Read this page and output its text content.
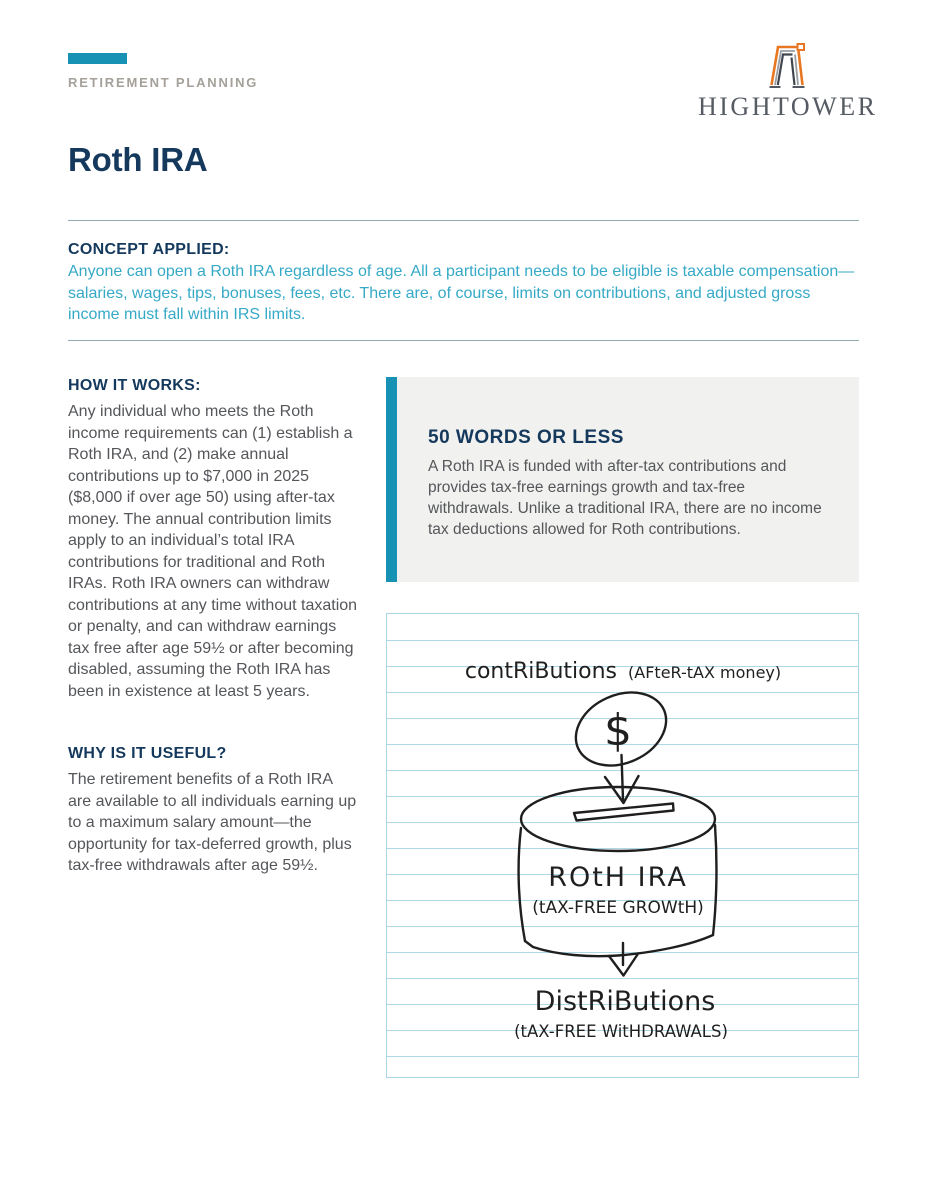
RETIREMENT PLANNING
HIGHTOWER
Roth IRA
CONCEPT APPLIED:

Anyone can open a Roth IRA regardless of age. All a participant needs to be eligible is taxable compensation—salaries, wages, tips, bonuses, fees, etc. There are, of course, limits on contributions, and adjusted gross income must fall within IRS limits.

HOW IT WORKS:

Any individual who meets the Roth income requirements can (1) establish a Roth IRA, and (2) make annual contributions up to $7,000 in 2025 ($8,000 if over age 50) using after-tax money. The annual contribution limits apply to an individual’s total IRA contributions for traditional and Roth IRAs. Roth IRA owners can withdraw contributions at any time without taxation or penalty, and can withdraw earnings tax free after age 59½ or after becoming disabled, assuming the Roth IRA has been in existence at least 5 years.

WHY IS IT USEFUL?

The retirement benefits of a Roth IRA are available to all individuals earning up to a maximum salary amount—the opportunity for tax-deferred growth, plus tax-free withdrawals after age 59½.

50 WORDS OR LESS

A Roth IRA is funded with after-tax contributions and provides tax-free earnings growth and tax-free withdrawals. Unlike a traditional IRA, there are no income tax deductions allowed for Roth contributions.

contRiButions (AFteR-tAX money)
$
ROtH IRA
(tAX-FREE GROWtH)
DistRiButions
(tAX-FREE WitHDRAWALS)
